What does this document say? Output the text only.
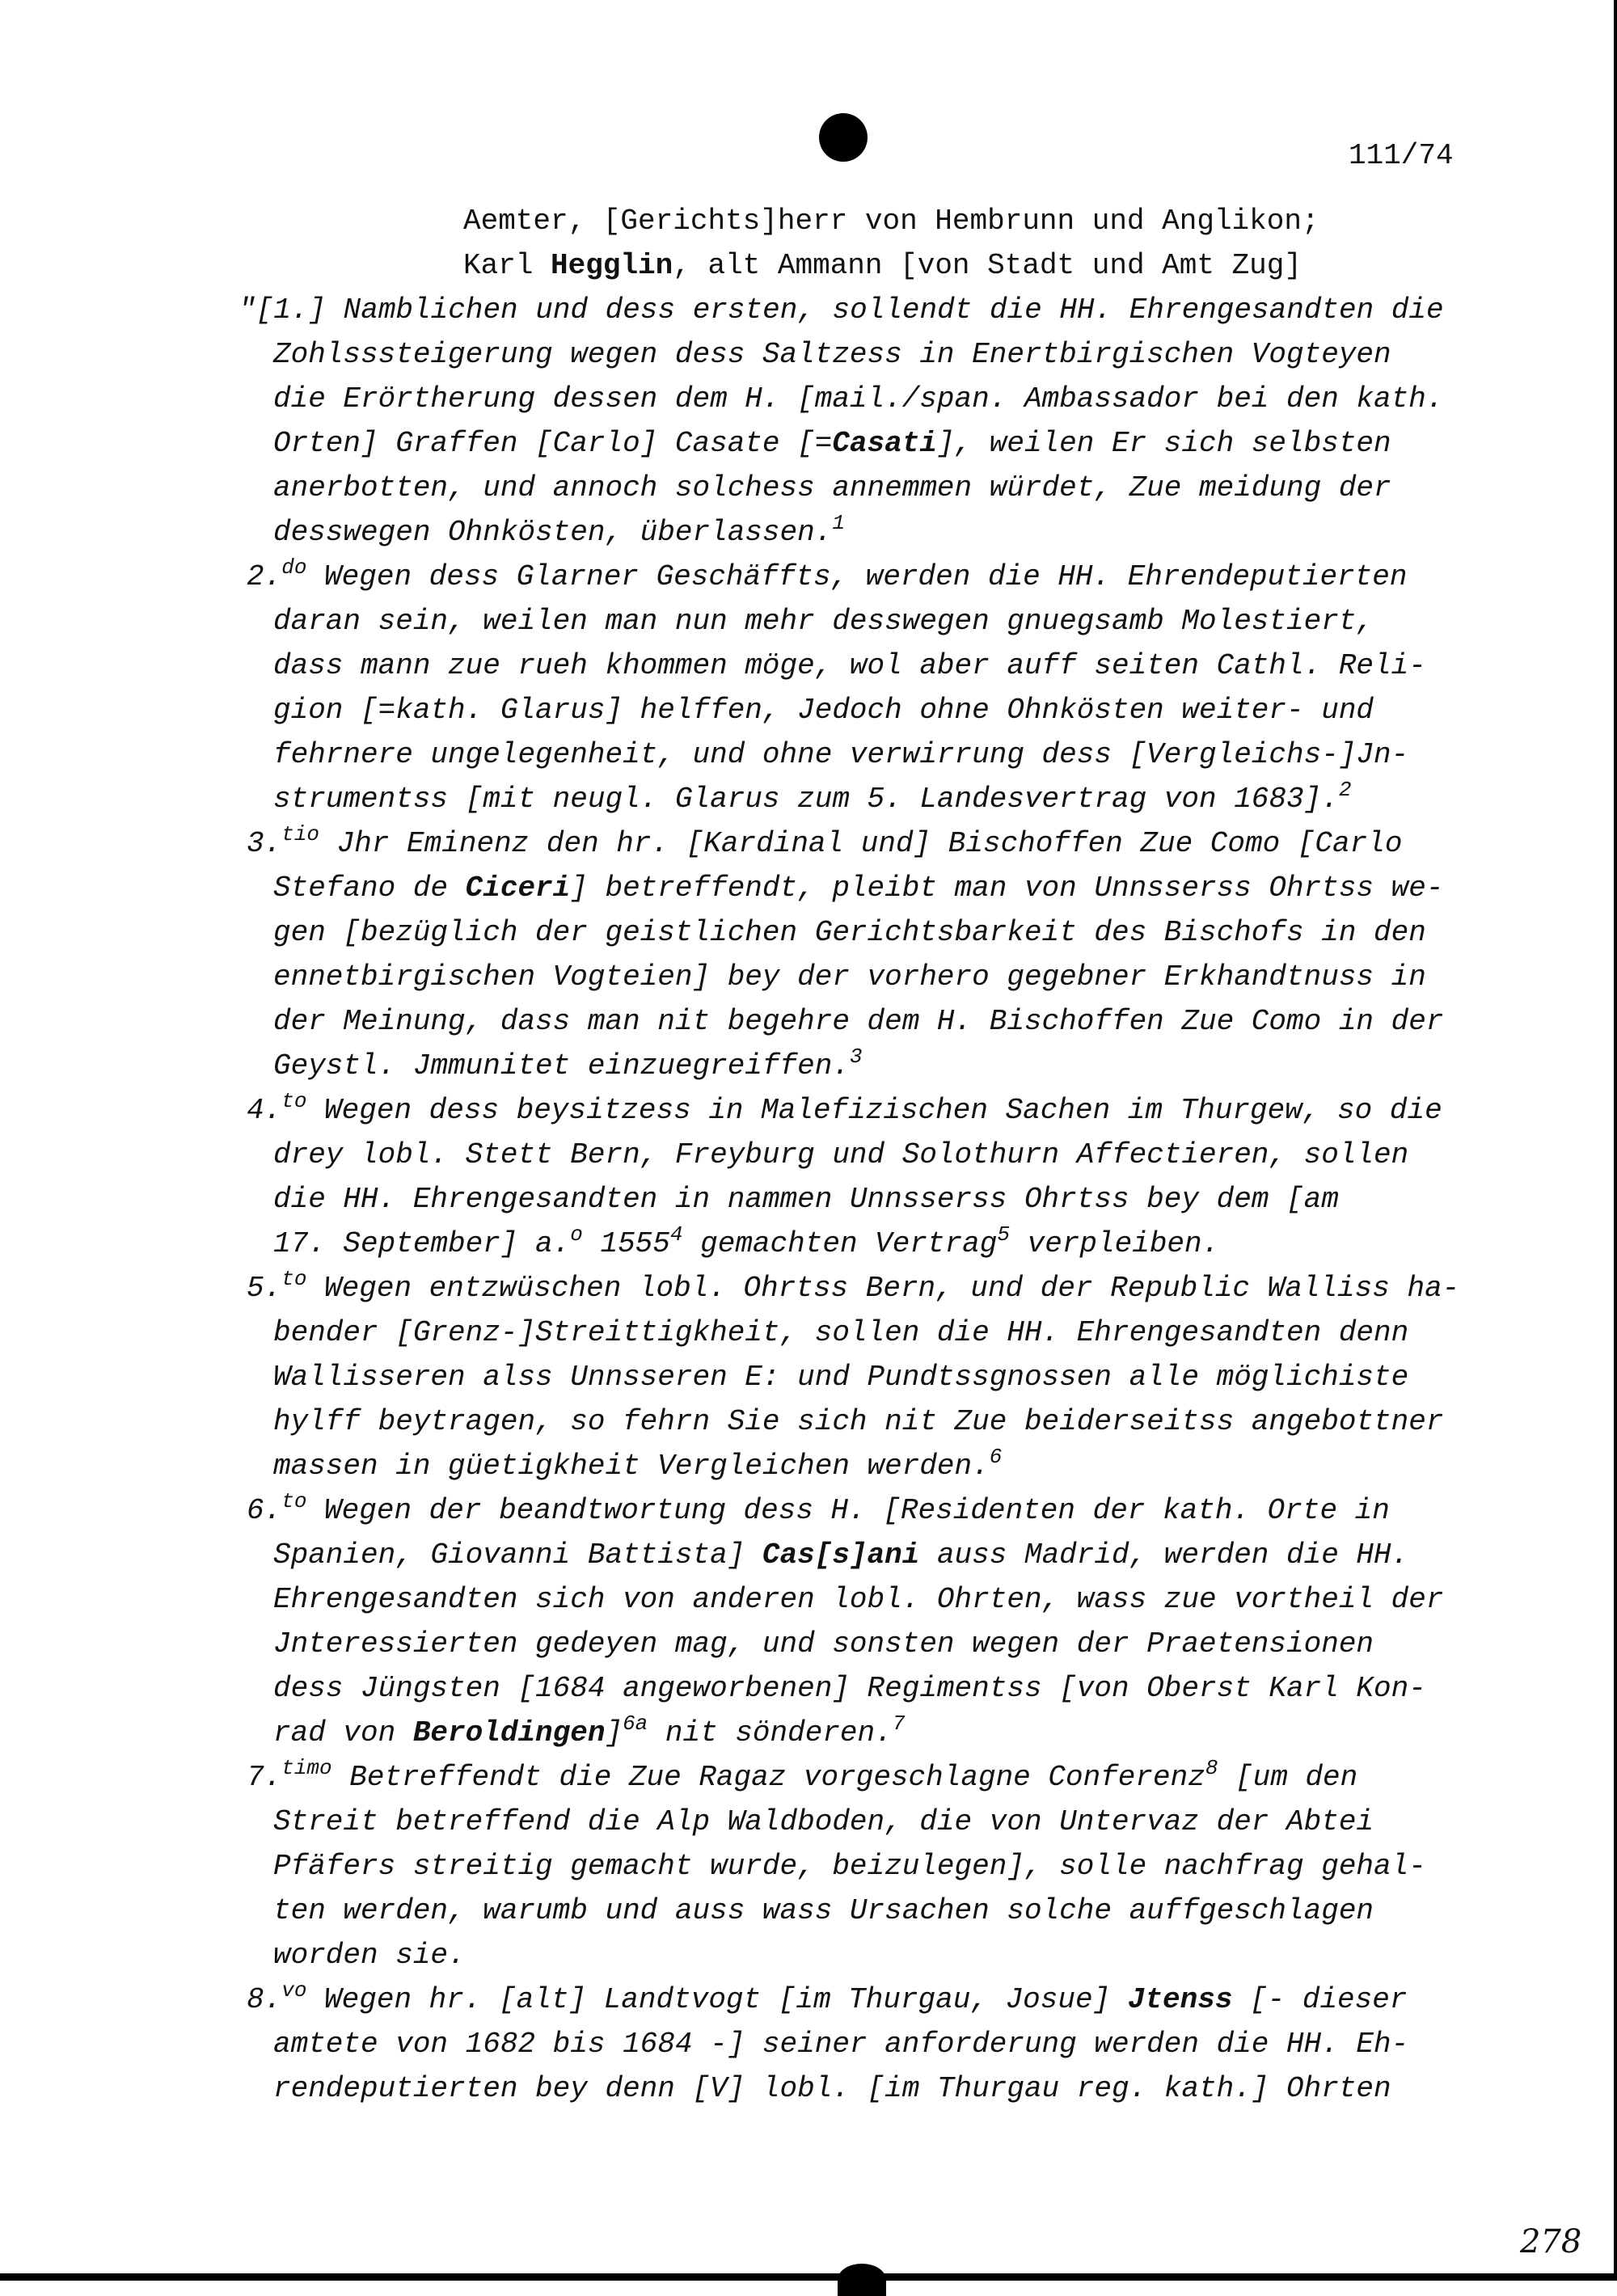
111/74
278
Aemter, [Gerichts]herr von Hembrunn und Anglikon;
Karl Hegglin, alt Ammann [von Stadt und Amt Zug]
"[1.] Namblichen und dess ersten, sollendt die HH. Ehrengesandten die
Zohlsssteigerung wegen dess Saltzess in Enertbirgischen Vogteyen
die Erörtherung dessen dem H. [mail./span. Ambassador bei den kath.
Orten] Graffen [Carlo] Casate [=Casati], weilen Er sich selbsten
anerbotten, und annoch solchess annemmen würdet, Zue meidung der
desswegen Ohnkösten, überlassen.$^1$
2.$^{do}$ Wegen dess Glarner Geschäffts, werden die HH. Ehrendeputierten
daran sein, weilen man nun mehr desswegen gnuegsamb Molestiert,
dass mann zue rueh khommen möge, wol aber auff seiten Cathl. Reli-
gion [=kath. Glarus] helffen, Jedoch ohne Ohnkösten weiter- und
fehrnere ungelegenheit, und ohne verwirrung dess [Vergleichs-]Jn-
strumentss [mit neugl. Glarus zum 5. Landesvertrag von 1683].$^2$
3.$^{tio}$ Jhr Eminenz den hr. [Kardinal und] Bischoffen Zue Como [Carlo
Stefano de Ciceri] betreffendt, pleibt man von Unnsserss Ohrtss we-
gen [bezüglich der geistlichen Gerichtsbarkeit des Bischofs in den
ennetbirgischen Vogteien] bey der vorhero gegebner Erkhandtnuss in
der Meinung, dass man nit begehre dem H. Bischoffen Zue Como in der
Geystl. Jmmunitet einzuegreiffen.$^3$
4.$^{to}$ Wegen dess beysitzess in Malefizischen Sachen im Thurgew, so die
drey lobl. Stett Bern, Freyburg und Solothurn Affectieren, sollen
die HH. Ehrengesandten in nammen Unnsserss Ohrtss bey dem [am
17. September] a.$^o$ 1555$^4$ gemachten Vertrag$^5$ verpleiben.
5.$^{to}$ Wegen entzwüschen lobl. Ohrtss Bern, und der Republic Walliss ha-
bender [Grenz-]Streittigkheit, sollen die HH. Ehrengesandten denn
Wallisseren alss Unnsseren E: und Pundtssgnossen alle möglichiste
hylff beytragen, so fehrn Sie sich nit Zue beiderseitss angebottner
massen in güetigkheit Vergleichen werden.$^6$
6.$^{to}$ Wegen der beandtwortung dess H. [Residenten der kath. Orte in
Spanien, Giovanni Battista] Cas[s]ani auss Madrid, werden die HH.
Ehrengesandten sich von anderen lobl. Ohrten, wass zue vortheil der
Jnteressierten gedeyen mag, und sonsten wegen der Praetensionen
dess Jüngsten [1684 angeworbenen] Regimentss [von Oberst Karl Kon-
rad von Beroldingen]$^{6a}$ nit sönderen.$^7$
7.$^{timo}$ Betreffendt die Zue Ragaz vorgeschlagne Conferenz$^8$ [um den
Streit betreffend die Alp Waldboden, die von Untervaz der Abtei
Pfäfers streitig gemacht wurde, beizulegen], solle nachfrag gehal-
ten werden, warumb und auss wass Ursachen solche auffgeschlagen
worden sie.
8.$^{vo}$ Wegen hr. [alt] Landtvogt [im Thurgau, Josue] Jtenss [- dieser
amtete von 1682 bis 1684 -] seiner anforderung werden die HH. Eh-
rendeputierten bey denn [V] lobl. [im Thurgau reg. kath.] Ohrten
